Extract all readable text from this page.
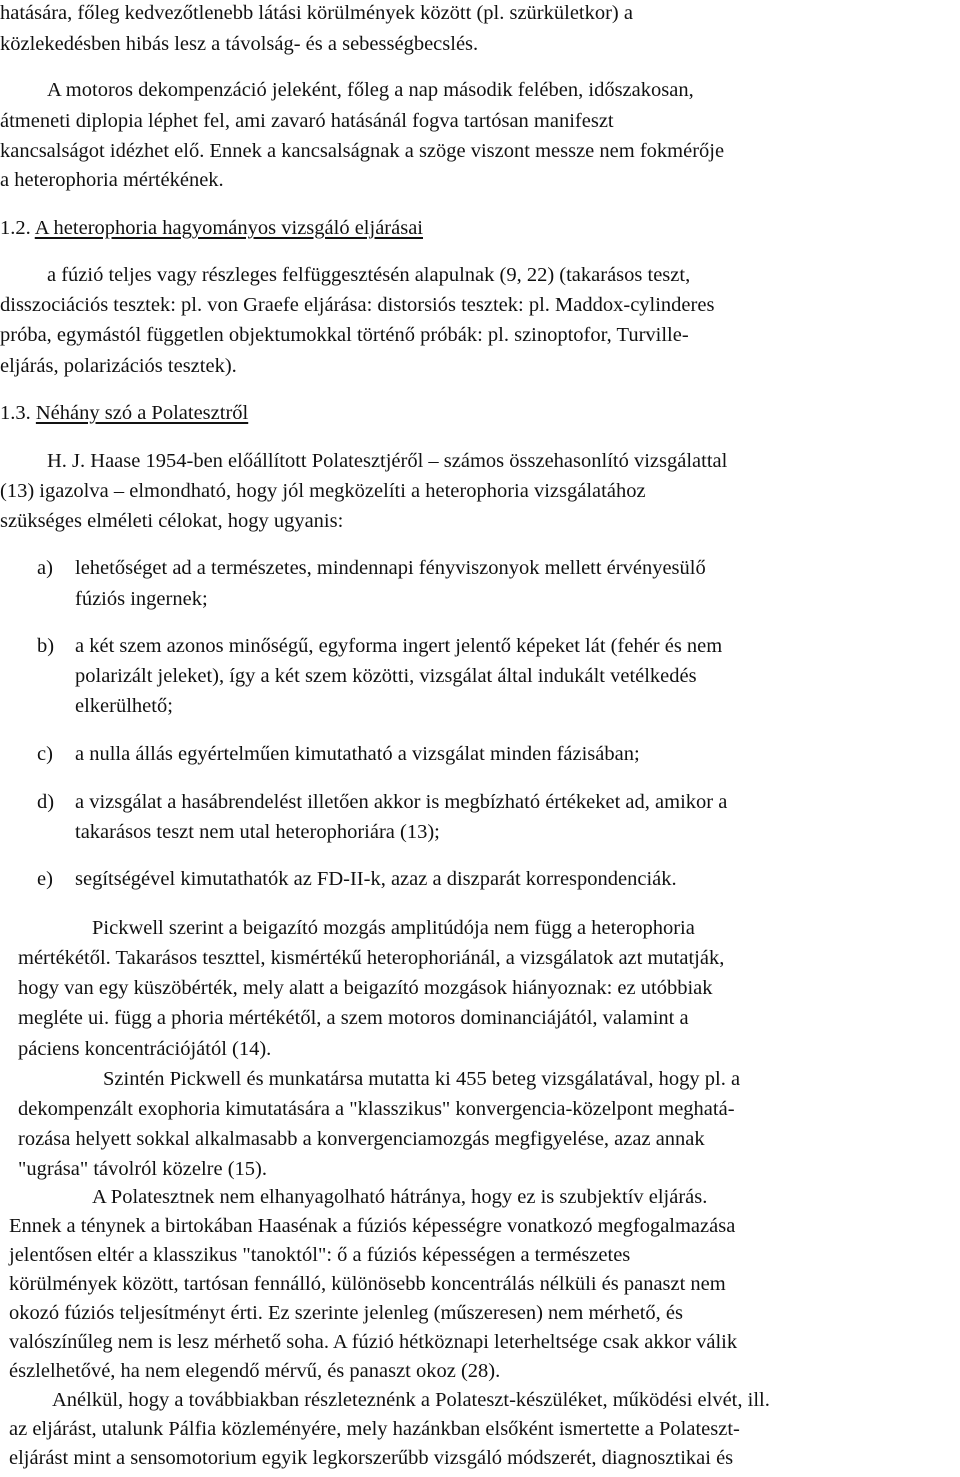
hatására, főleg kedvezőtlenebb látási körülmények között (pl. szürkületkor) a
közlekedésben hibás lesz a távolság- és a sebességbecslés.
A motoros dekompenzáció jeleként, főleg a nap második felében, időszakosan,
átmeneti diplopia léphet fel, ami zavaró hatásánál fogva tartósan manifeszt
kancsalságot idézhet elő. Ennek a kancsalságnak a szöge viszont messze nem fokmérője
a heterophoria mértékének.
1.2. A heterophoria hagyományos vizsgáló eljárásai
a fúzió teljes vagy részleges felfüggesztésén alapulnak (9, 22) (takarásos teszt,
disszociációs tesztek: pl. von Graefe eljárása: distorsiós tesztek: pl. Maddox-cylinderes
próba, egymástól független objektumokkal történő próbák: pl. szinoptofor, Turville-
eljárás, polarizációs tesztek).
1.3. Néhány szó a Polatesztről
H. J. Haase 1954-ben előállított Polatesztjéről – számos összehasonlító vizsgálattal
(13) igazolva – elmondható, hogy jól megközelíti a heterophoria vizsgálatához
szükséges elméleti célokat, hogy ugyanis:
a) lehetőséget ad a természetes, mindennapi fényviszonyok mellett érvényesülő
fúziós ingernek;
b) a két szem azonos minőségű, egyforma ingert jelentő képeket lát (fehér és nem
polarizált jeleket), így a két szem közötti, vizsgálat által indukált vetélkedés
elkerülhető;
c) a nulla állás egyértelműen kimutatható a vizsgálat minden fázisában;
d) a vizsgálat a hasábrendelést illetően akkor is megbízható értékeket ad, amikor a
takarásos teszt nem utal heterophoriára (13);
e) segítségével kimutathatók az FD-II-k, azaz a diszparát korrespondenciák.
Pickwell szerint a beigazító mozgás amplitúdója nem függ a heterophoria
mértékétől. Takarásos teszttel, kismértékű heterophoriánál, a vizsgálatok azt mutatják,
hogy van egy küszöbérték, mely alatt a beigazító mozgások hiányoznak: ez utóbbiak
megléte ui. függ a phoria mértékétől, a szem motoros dominanciájától, valamint a
páciens koncentrációjától (14).
Szintén Pickwell és munkatársa mutatta ki 455 beteg vizsgálatával, hogy pl. a
dekompenzált exophoria kimutatására a "klasszikus" konvergencia-közelpont meghatá-
rozása helyett sokkal alkalmasabb a konvergenciamozgás megfigyelése, azaz annak
"ugrása" távolról közelre (15).
A Polatesztnek nem elhanyagolható hátránya, hogy ez is szubjektív eljárás.
Ennek a ténynek a birtokában Haasénak a fúziós képességre vonatkozó megfogalmazása
jelentősen eltér a klasszikus "tanoktól": ő a fúziós képességen a természetes
körülmények között, tartósan fennálló, különösebb koncentrálás nélküli és panaszt nem
okozó fúziós teljesítményt érti. Ez szerinte jelenleg (műszeresen) nem mérhető, és
valószínűleg nem is lesz mérhető soha. A fúzió hétköznapi leterheltsége csak akkor válik
észlelhetővé, ha nem elegendő mérvű, és panaszt okoz (28).
Anélkül, hogy a továbbiakban részleteznénk a Polateszt-készüléket, működési elvét, ill.
az eljárást, utalunk Pálfia közleményére, mely hazánkban elsőként ismertette a Polateszt-
eljárást mint a sensomotorium egyik legkorszerűbb vizsgáló módszerét, diagnosztikai és
